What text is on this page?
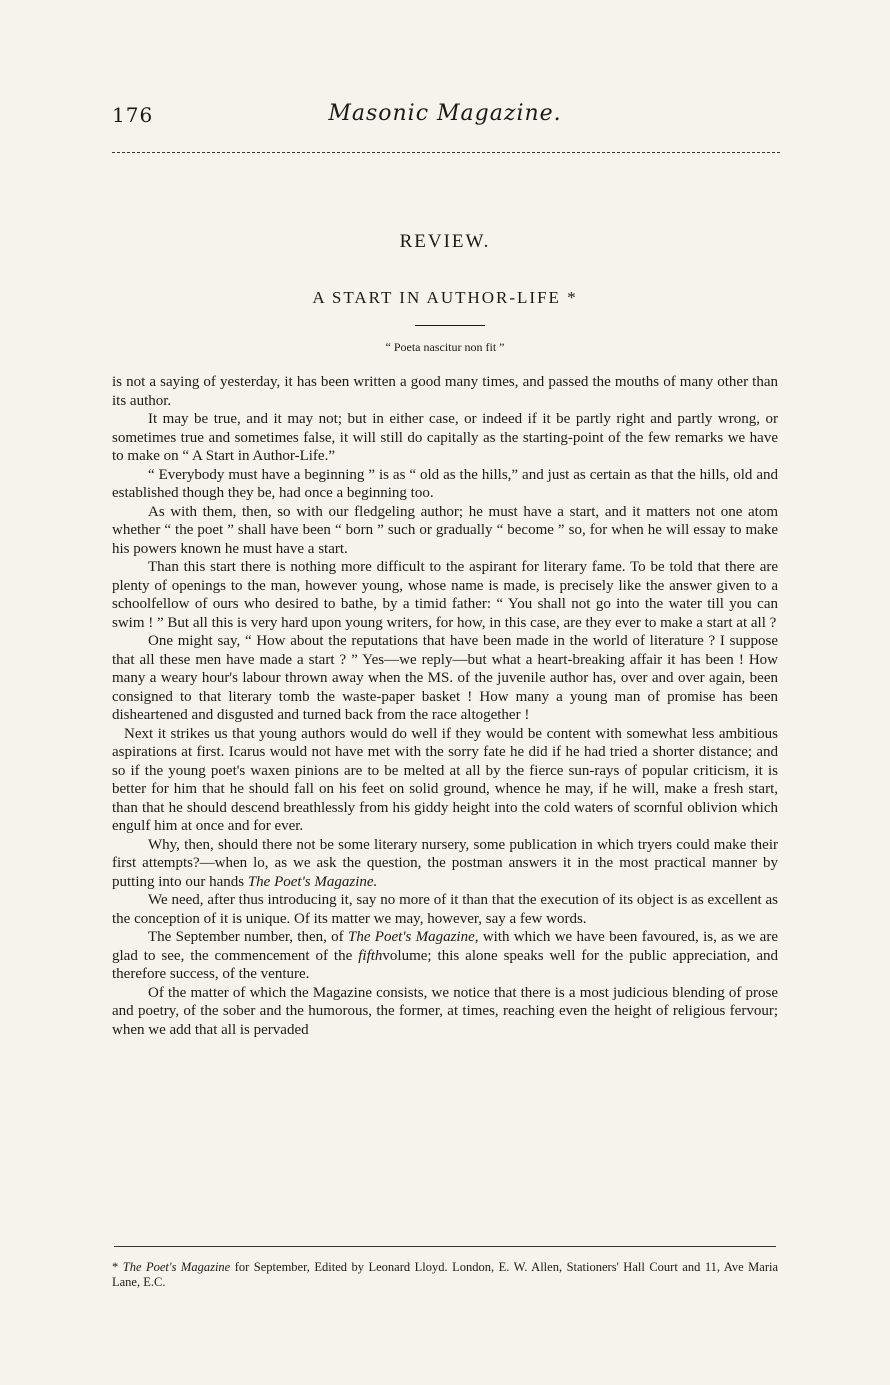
176	Masonic Magazine.
REVIEW.
A START IN AUTHOR-LIFE *
“ Poeta nascitur non fit ”

is not a saying of yesterday, it has been written a good many times, and passed the mouths of many other than its author.

It may be true, and it may not; but in either case, or indeed if it be partly right and partly wrong, or sometimes true and sometimes false, it will still do capitally as the starting-point of the few remarks we have to make on “ A Start in Author-Life.”

“ Everybody must have a beginning ” is as “ old as the hills,” and just as certain as that the hills, old and established though they be, had once a beginning too.

As with them, then, so with our fledgeling author; he must have a start, and it matters not one atom whether “ the poet ” shall have been “ born ” such or gradually “ become ” so, for when he will essay to make his powers known he must have a start.

Than this start there is nothing more difficult to the aspirant for literary fame. To be told that there are plenty of openings to the man, however young, whose name is made, is precisely like the answer given to a schoolfellow of ours who desired to bathe, by a timid father: “ You shall not go into the water till you can swim ! ” But all this is very hard upon young writers, for how, in this case, are they ever to make a start at all ?

One might say, “ How about the reputations that have been made in the world of literature ? I suppose that all these men have made a start ? ” Yes—we reply—but what a heart-breaking affair it has been ! How many a weary hour's labour thrown away when the MS. of the juvenile author has, over and over again, been consigned to that literary tomb the waste-paper basket ! How many a young man of promise has been disheartened and disgusted and turned back from the race altogether !

Next it strikes us that young authors would do well if they would be content with somewhat less ambitious aspirations at first. Icarus would not have met with the sorry fate he did if he had tried a shorter distance; and so if the young poet's waxen pinions are to be melted at all by the fierce sun-rays of popular criticism, it is better for him that he should fall on his feet on solid ground, whence he may, if he will, make a fresh start, than that he should descend breathlessly from his giddy height into the cold waters of scornful oblivion which engulf him at once and for ever.

Why, then, should there not be some literary nursery, some publication in which tryers could make their first attempts?—when lo, as we ask the question, the postman answers it in the most practical manner by putting into our hands The Poet's Magazine.

We need, after thus introducing it, say no more of it than that the execution of its object is as excellent as the conception of it is unique. Of its matter we may, however, say a few words.

The September number, then, of The Poet's Magazine, with which we have been favoured, is, as we are glad to see, the commencement of the fifthvolume; this alone speaks well for the public appreciation, and therefore success, of the venture.

Of the matter of which the Magazine consists, we notice that there is a most judicious blending of prose and poetry, of the sober and the humorous, the former, at times, reaching even the height of religious fervour; when we add that all is pervaded

* The Poet's Magazine for September, Edited by Leonard Lloyd. London, E. W. Allen, Stationers' Hall Court and 11, Ave Maria Lane, E.C.
